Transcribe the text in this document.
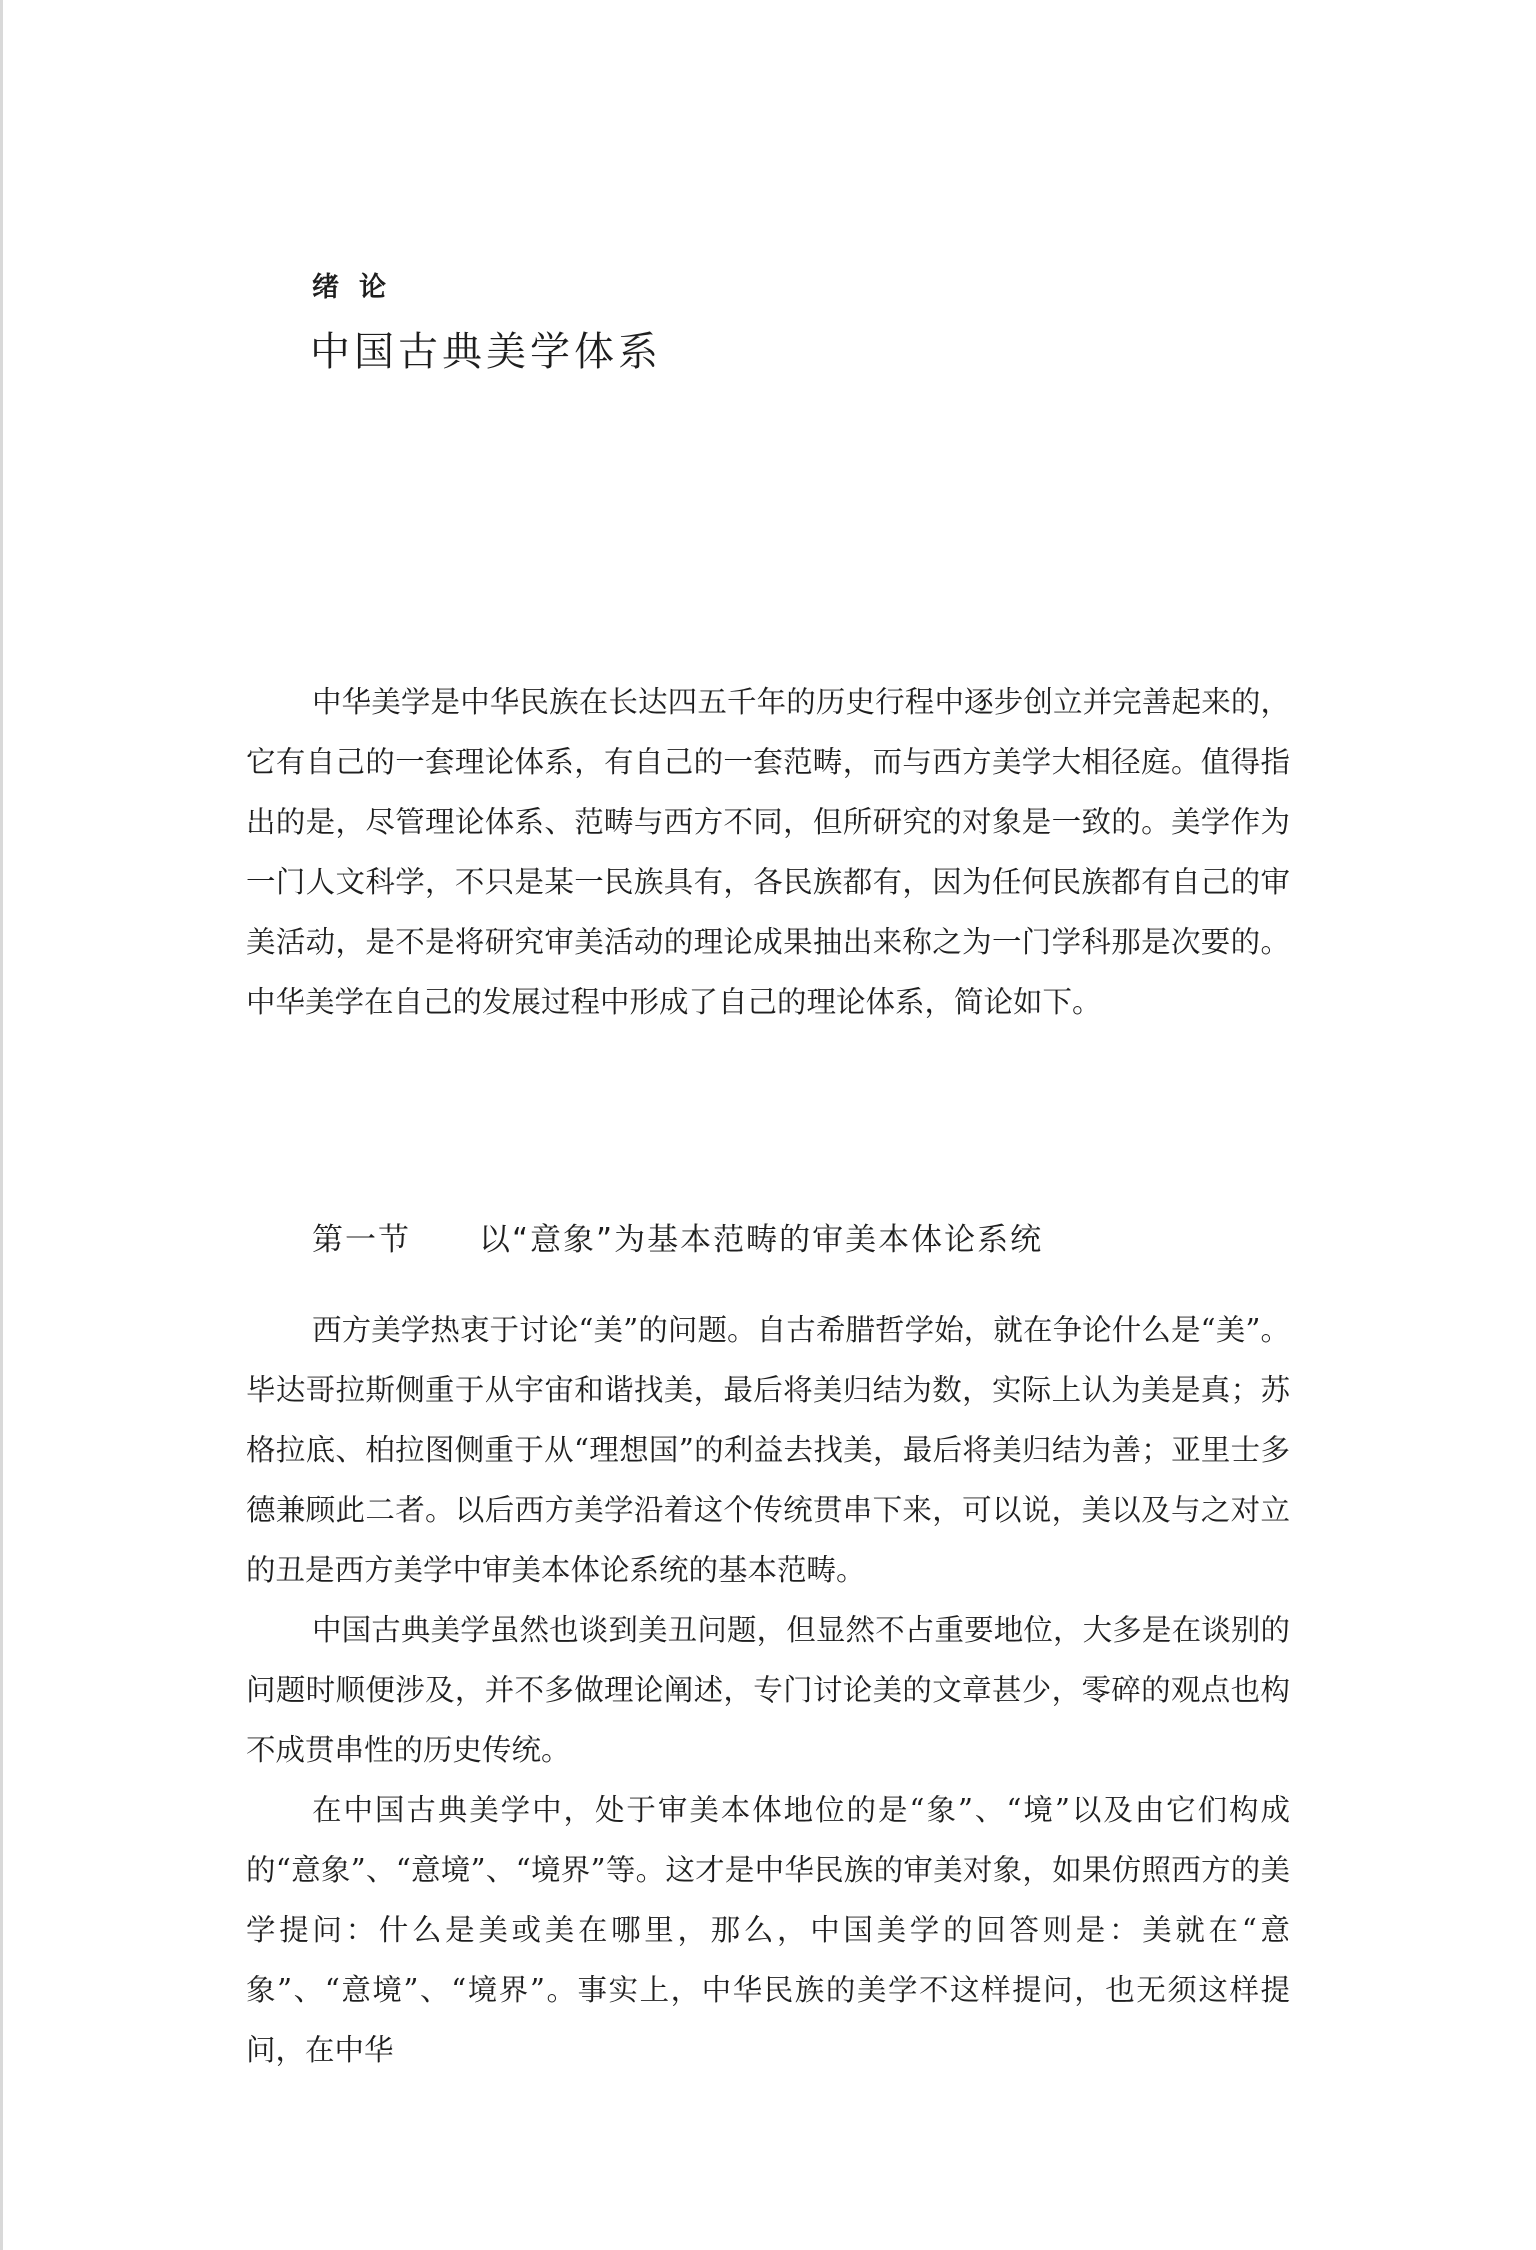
绪论
中国古典美学体系

中华美学是中华民族在长达四五千年的历史行程中逐步创立并完善起来的，它有自己的一套理论体系，有自己的一套范畴，而与西方美学大相径庭。值得指出的是，尽管理论体系、范畴与西方不同，但所研究的对象是一致的。美学作为一门人文科学，不只是某一民族具有，各民族都有，因为任何民族都有自己的审美活动，是不是将研究审美活动的理论成果抽出来称之为一门学科那是次要的。中华美学在自己的发展过程中形成了自己的理论体系，简论如下。

第一节 以“意象”为基本范畴的审美本体论系统

西方美学热衷于讨论“美”的问题。自古希腊哲学始，就在争论什么是“美”。毕达哥拉斯侧重于从宇宙和谐找美，最后将美归结为数，实际上认为美是真；苏格拉底、柏拉图侧重于从“理想国”的利益去找美，最后将美归结为善；亚里士多德兼顾此二者。以后西方美学沿着这个传统贯串下来，可以说，美以及与之对立的丑是西方美学中审美本体论系统的基本范畴。

中国古典美学虽然也谈到美丑问题，但显然不占重要地位，大多是在谈别的问题时顺便涉及，并不多做理论阐述，专门讨论美的文章甚少，零碎的观点也构不成贯串性的历史传统。

在中国古典美学中，处于审美本体地位的是“象”、“境”以及由它们构成的“意象”、“意境”、“境界”等。这才是中华民族的审美对象，如果仿照西方的美学提问：什么是美或美在哪里，那么，中国美学的回答则是：美就在“意象”、“意境”、“境界”。事实上，中华民族的美学不这样提问，也无须这样提问，在中华
